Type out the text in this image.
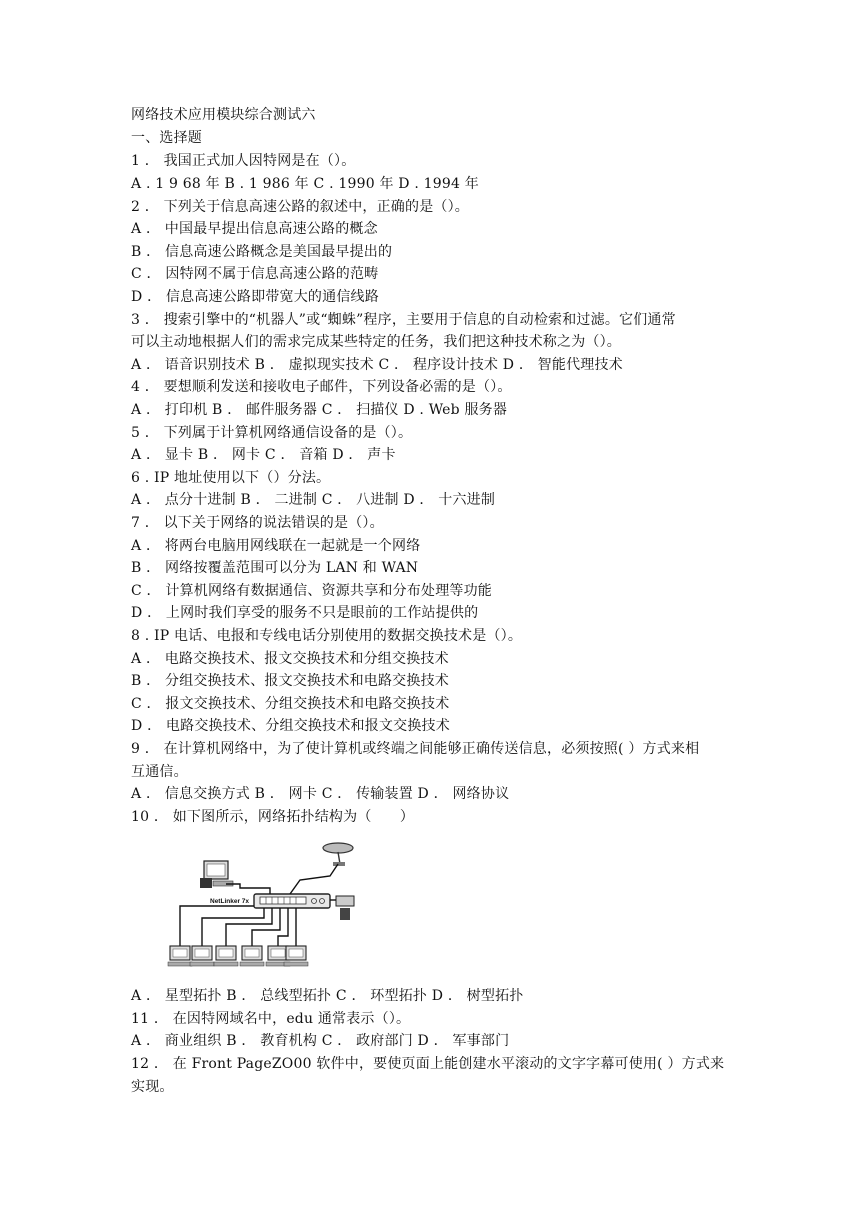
网络技术应用模块综合测试六
一、选择题
1 ． 我国正式加人因特网是在（）。
A . 1 9 68 年 B . 1 986 年 C . 1990 年 D . 1994 年
2 ． 下列关于信息高速公路的叙述中，正确的是（）。
A ． 中国最早提出信息高速公路的概念
B ． 信息高速公路概念是美国最早提出的
C ． 因特网不属于信息高速公路的范畴
D ． 信息高速公路即带宽大的通信线路
3 ． 搜索引擎中的“机器人”或“蜘蛛”程序，主要用于信息的自动检索和过滤。它们通常
可以主动地根据人们的需求完成某些特定的任务，我们把这种技术称之为（）。
A ． 语音识别技术 B ． 虚拟现实技术 C ． 程序设计技术 D ． 智能代理技术
4 ． 要想顺利发送和接收电子邮件，下列设备必需的是（）。
A ． 打印机 B ． 邮件服务器 C ． 扫描仪 D . Web 服务器
5 ． 下列属于计算机网络通信设备的是（）。
A ． 显卡 B ． 网卡 C ． 音箱 D ． 声卡
6 . IP 地址使用以下（）分法。
A ． 点分十进制 B ． 二进制 C ． 八进制 D ． 十六进制
7 ． 以下关于网络的说法错误的是（）。
A ． 将两台电脑用网线联在一起就是一个网络
B ． 网络按覆盖范围可以分为 LAN 和 WAN
C ． 计算机网络有数据通信、资源共享和分布处理等功能
D ． 上网时我们享受的服务不只是眼前的工作站提供的
8 . IP 电话、电报和专线电话分别使用的数据交换技术是（）。
A ． 电路交换技术、报文交换技术和分组交换技术
B ． 分组交换技术、报文交换技术和电路交换技术
C ． 报文交换技术、分组交换技术和电路交换技术
D ． 电路交换技术、分组交换技术和报文交换技术
9 ． 在计算机网络中，为了使计算机或终端之间能够正确传送信息，必须按照( ）方式来相
互通信。
A ． 信息交换方式 B ． 网卡 C ． 传输装置 D ． 网络协议
10 ． 如下图所示，网络拓扑结构为（　　）
NetLinker 7x
A ． 星型拓扑 B ． 总线型拓扑 C ． 环型拓扑 D ． 树型拓扑
11 ． 在因特网域名中，edu 通常表示（）。
A ． 商业组织 B ． 教育机构 C ． 政府部门 D ． 军事部门
12 ． 在 Front PageZO00 软件中，要使页面上能创建水平滚动的文字字幕可使用( ）方式来
实现。
